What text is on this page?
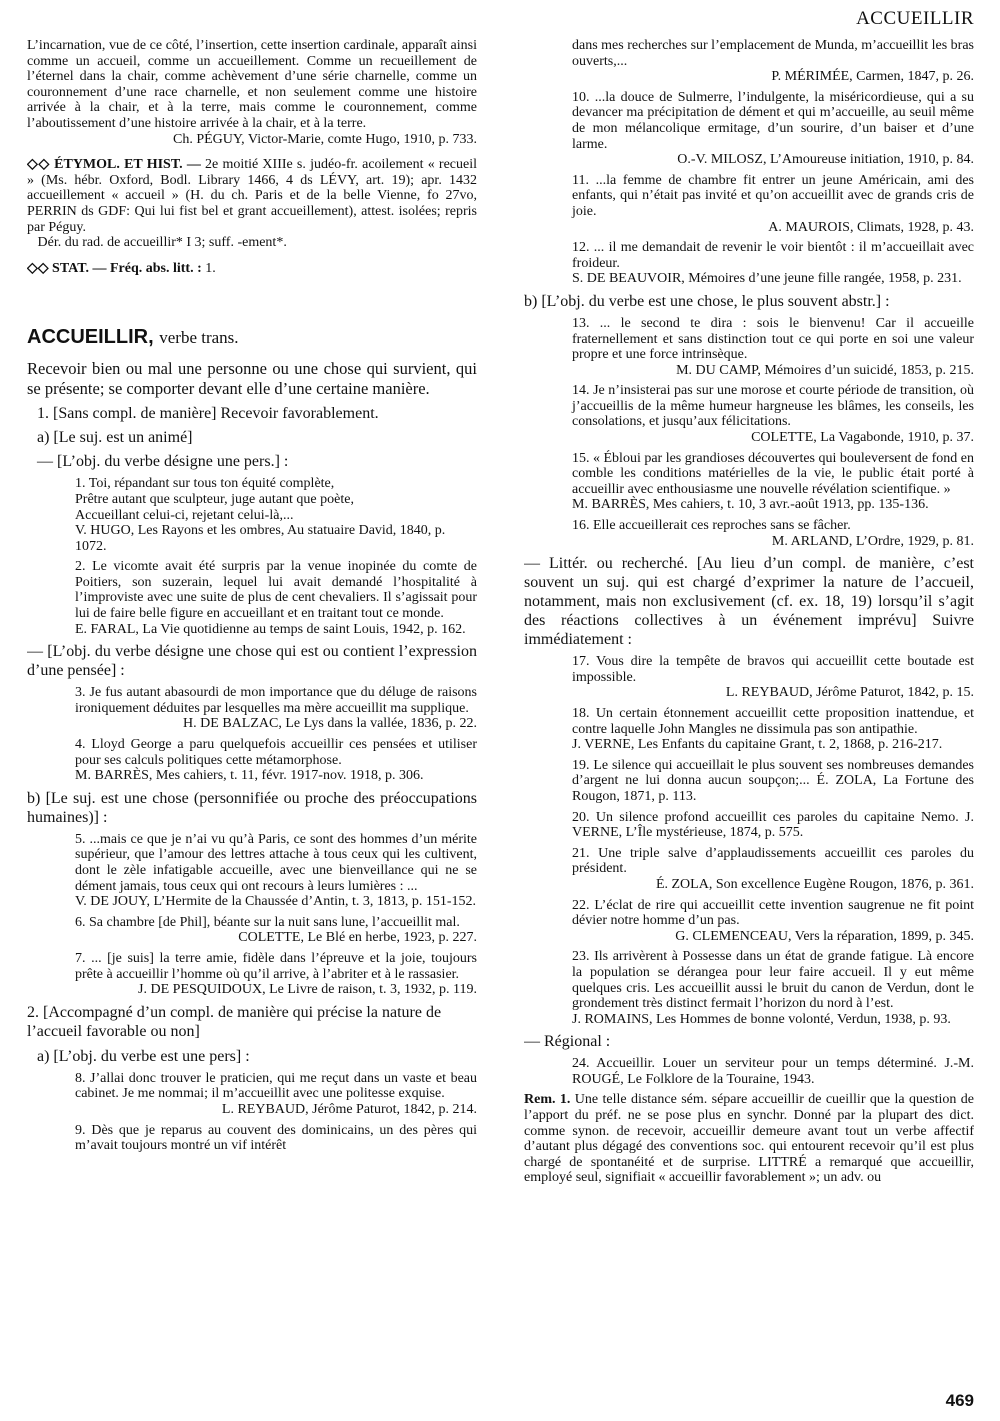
ACCUEILLIR

L’incarnation, vue de ce côté, l’insertion, cette insertion cardinale, apparaît ainsi comme un accueil, comme un accueillement. Comme un recueillement de l’éternel dans la chair, comme achèvement d’une série charnelle, comme un couronnement d’une race charnelle, et non seulement comme une histoire arrivée à la chair, et à la terre, mais comme le couronnement, comme l’aboutissement d’une histoire arrivée à la chair, et à la terre.
Ch. PÉGUY, Victor-Marie, comte Hugo, 1910, p. 733.

◇◇ ÉTYMOL. ET HIST. — 2e moitié XIIIe s. judéo-fr. acoilement « recueil » (Ms. hébr. Oxford, Bodl. Library 1466, 4 ds LÉVY, art. 19); apr. 1432 accueillement « accueil » (H. du ch. Paris et de la belle Vienne, fo 27vo, PERRIN ds GDF: Qui lui fist bel et grant accueillement), attest. isolées; repris par Péguy.
Dér. du rad. de accueillir* I 3; suff. -ement*.

◇◇ STAT. — Fréq. abs. litt. : 1.

ACCUEILLIR, verbe trans.

Recevoir bien ou mal une personne ou une chose qui survient, qui se présente; se comporter devant elle d’une certaine manière.

1. [Sans compl. de manière] Recevoir favorablement.

a) [Le suj. est un animé]

— [L’obj. du verbe désigne une pers.] :

1. Toi, répandant sur tous ton équité complète,
Prêtre autant que sculpteur, juge autant que poète,
Accueillant celui-ci, rejetant celui-là,...
V. HUGO, Les Rayons et les ombres, Au statuaire David, 1840, p. 1072.

2. Le vicomte avait été surpris par la venue inopinée du comte de Poitiers, son suzerain, lequel lui avait demandé l’hospitalité à l’improviste avec une suite de plus de cent chevaliers. Il s’agissait pour lui de faire belle figure en accueillant et en traitant tout ce monde.
E. FARAL, La Vie quotidienne au temps de saint Louis, 1942, p. 162.

— [L’obj. du verbe désigne une chose qui est ou contient l’expression d’une pensée] :

3. Je fus autant abasourdi de mon importance que du déluge de raisons ironiquement déduites par lesquelles ma mère accueillit ma supplique.
H. DE BALZAC, Le Lys dans la vallée, 1836, p. 22.

4. Lloyd George a paru quelquefois accueillir ces pensées et utiliser pour ses calculs politiques cette métamorphose.
M. BARRÈS, Mes cahiers, t. 11, févr. 1917-nov. 1918, p. 306.

b) [Le suj. est une chose (personnifiée ou proche des préoccupations humaines)] :

5. ...mais ce que je n’ai vu qu’à Paris, ce sont des hommes d’un mérite supérieur, que l’amour des lettres attache à tous ceux qui les cultivent, dont le zèle infatigable accueille, avec une bienveillance qui ne se dément jamais, tous ceux qui ont recours à leurs lumières : ...
V. DE JOUY, L’Hermite de la Chaussée d’Antin, t. 3, 1813, p. 151-152.

6. Sa chambre [de Phil], béante sur la nuit sans lune, l’accueillit mal.
COLETTE, Le Blé en herbe, 1923, p. 227.

7. ... [je suis] la terre amie, fidèle dans l’épreuve et la joie, toujours prête à accueillir l’homme où qu’il arrive, à l’abriter et à le rassasier.
J. DE PESQUIDOUX, Le Livre de raison, t. 3, 1932, p. 119.

2. [Accompagné d’un compl. de manière qui précise la nature de l’accueil favorable ou non]

a) [L’obj. du verbe est une pers] :

8. J’allai donc trouver le praticien, qui me reçut dans un vaste et beau cabinet. Je me nommai; il m’accueillit avec une politesse exquise.
L. REYBAUD, Jérôme Paturot, 1842, p. 214.

9. Dès que je reparus au couvent des dominicains, un des pères qui m’avait toujours montré un vif intérêt

dans mes recherches sur l’emplacement de Munda, m’accueillit les bras ouverts,...
P. MÉRIMÉE, Carmen, 1847, p. 26.

10. ...la douce de Sulmerre, l’indulgente, la miséricordieuse, qui a su devancer ma précipitation de dément et qui m’accueille, au seuil même de mon mélancolique ermitage, d’un sourire, d’un baiser et d’une larme.
O.-V. MILOSZ, L’Amoureuse initiation, 1910, p. 84.

11. ...la femme de chambre fit entrer un jeune Américain, ami des enfants, qui n’était pas invité et qu’on accueillit avec de grands cris de joie.
A. MAUROIS, Climats, 1928, p. 43.

12. ... il me demandait de revenir le voir bientôt : il m’accueillait avec froideur.
S. DE BEAUVOIR, Mémoires d’une jeune fille rangée, 1958, p. 231.

b) [L’obj. du verbe est une chose, le plus souvent abstr.] :

13. ... le second te dira : sois le bienvenu! Car il accueille fraternellement et sans distinction tout ce qui porte en soi une valeur propre et une force intrinsèque.
M. DU CAMP, Mémoires d’un suicidé, 1853, p. 215.

14. Je n’insisterai pas sur une morose et courte période de transition, où j’accueillis de la même humeur hargneuse les blâmes, les conseils, les consolations, et jusqu’aux félicitations.
COLETTE, La Vagabonde, 1910, p. 37.

15. « Ébloui par les grandioses découvertes qui bouleversent de fond en comble les conditions matérielles de la vie, le public était porté à accueillir avec enthousiasme une nouvelle révélation scientifique. »
M. BARRÈS, Mes cahiers, t. 10, 3 avr.-août 1913, pp. 135-136.

16. Elle accueillerait ces reproches sans se fâcher.
M. ARLAND, L’Ordre, 1929, p. 81.

— Littér. ou recherché. [Au lieu d’un compl. de manière, c’est souvent un suj. qui est chargé d’exprimer la nature de l’accueil, notamment, mais non exclusivement (cf. ex. 18, 19) lorsqu’il s’agit des réactions collectives à un événement imprévu] Suivre immédiatement :

17. Vous dire la tempête de bravos qui accueillit cette boutade est impossible.
L. REYBAUD, Jérôme Paturot, 1842, p. 15.

18. Un certain étonnement accueillit cette proposition inattendue, et contre laquelle John Mangles ne dissimula pas son antipathie.
J. VERNE, Les Enfants du capitaine Grant, t. 2, 1868, p. 216-217.

19. Le silence qui accueillait le plus souvent ses nombreuses demandes d’argent ne lui donna aucun soupçon;... É. ZOLA, La Fortune des Rougon, 1871, p. 113.

20. Un silence profond accueillit ces paroles du capitaine Nemo. J. VERNE, L’Île mystérieuse, 1874, p. 575.

21. Une triple salve d’applaudissements accueillit ces paroles du président.
É. ZOLA, Son excellence Eugène Rougon, 1876, p. 361.

22. L’éclat de rire qui accueillit cette invention saugrenue ne fit point dévier notre homme d’un pas.
G. CLEMENCEAU, Vers la réparation, 1899, p. 345.

23. Ils arrivèrent à Possesse dans un état de grande fatigue. Là encore la population se dérangea pour leur faire accueil. Il y eut même quelques cris. Les accueillit aussi le bruit du canon de Verdun, dont le grondement très distinct fermait l’horizon du nord à l’est.
J. ROMAINS, Les Hommes de bonne volonté, Verdun, 1938, p. 93.

— Régional :

24. Accueillir. Louer un serviteur pour un temps déterminé. J.-M. ROUGÉ, Le Folklore de la Touraine, 1943.

Rem. 1. Une telle distance sém. sépare accueillir de cueillir que la question de l’apport du préf. ne se pose plus en synchr. Donné par la plupart des dict. comme synon. de recevoir, accueillir demeure avant tout un verbe affectif d’autant plus dégagé des conventions soc. qui entourent recevoir qu’il est plus chargé de spontanéité et de surprise. LITTRÉ a remarqué que accueillir, employé seul, signifiait « accueillir favorablement »; un adv. ou

469
